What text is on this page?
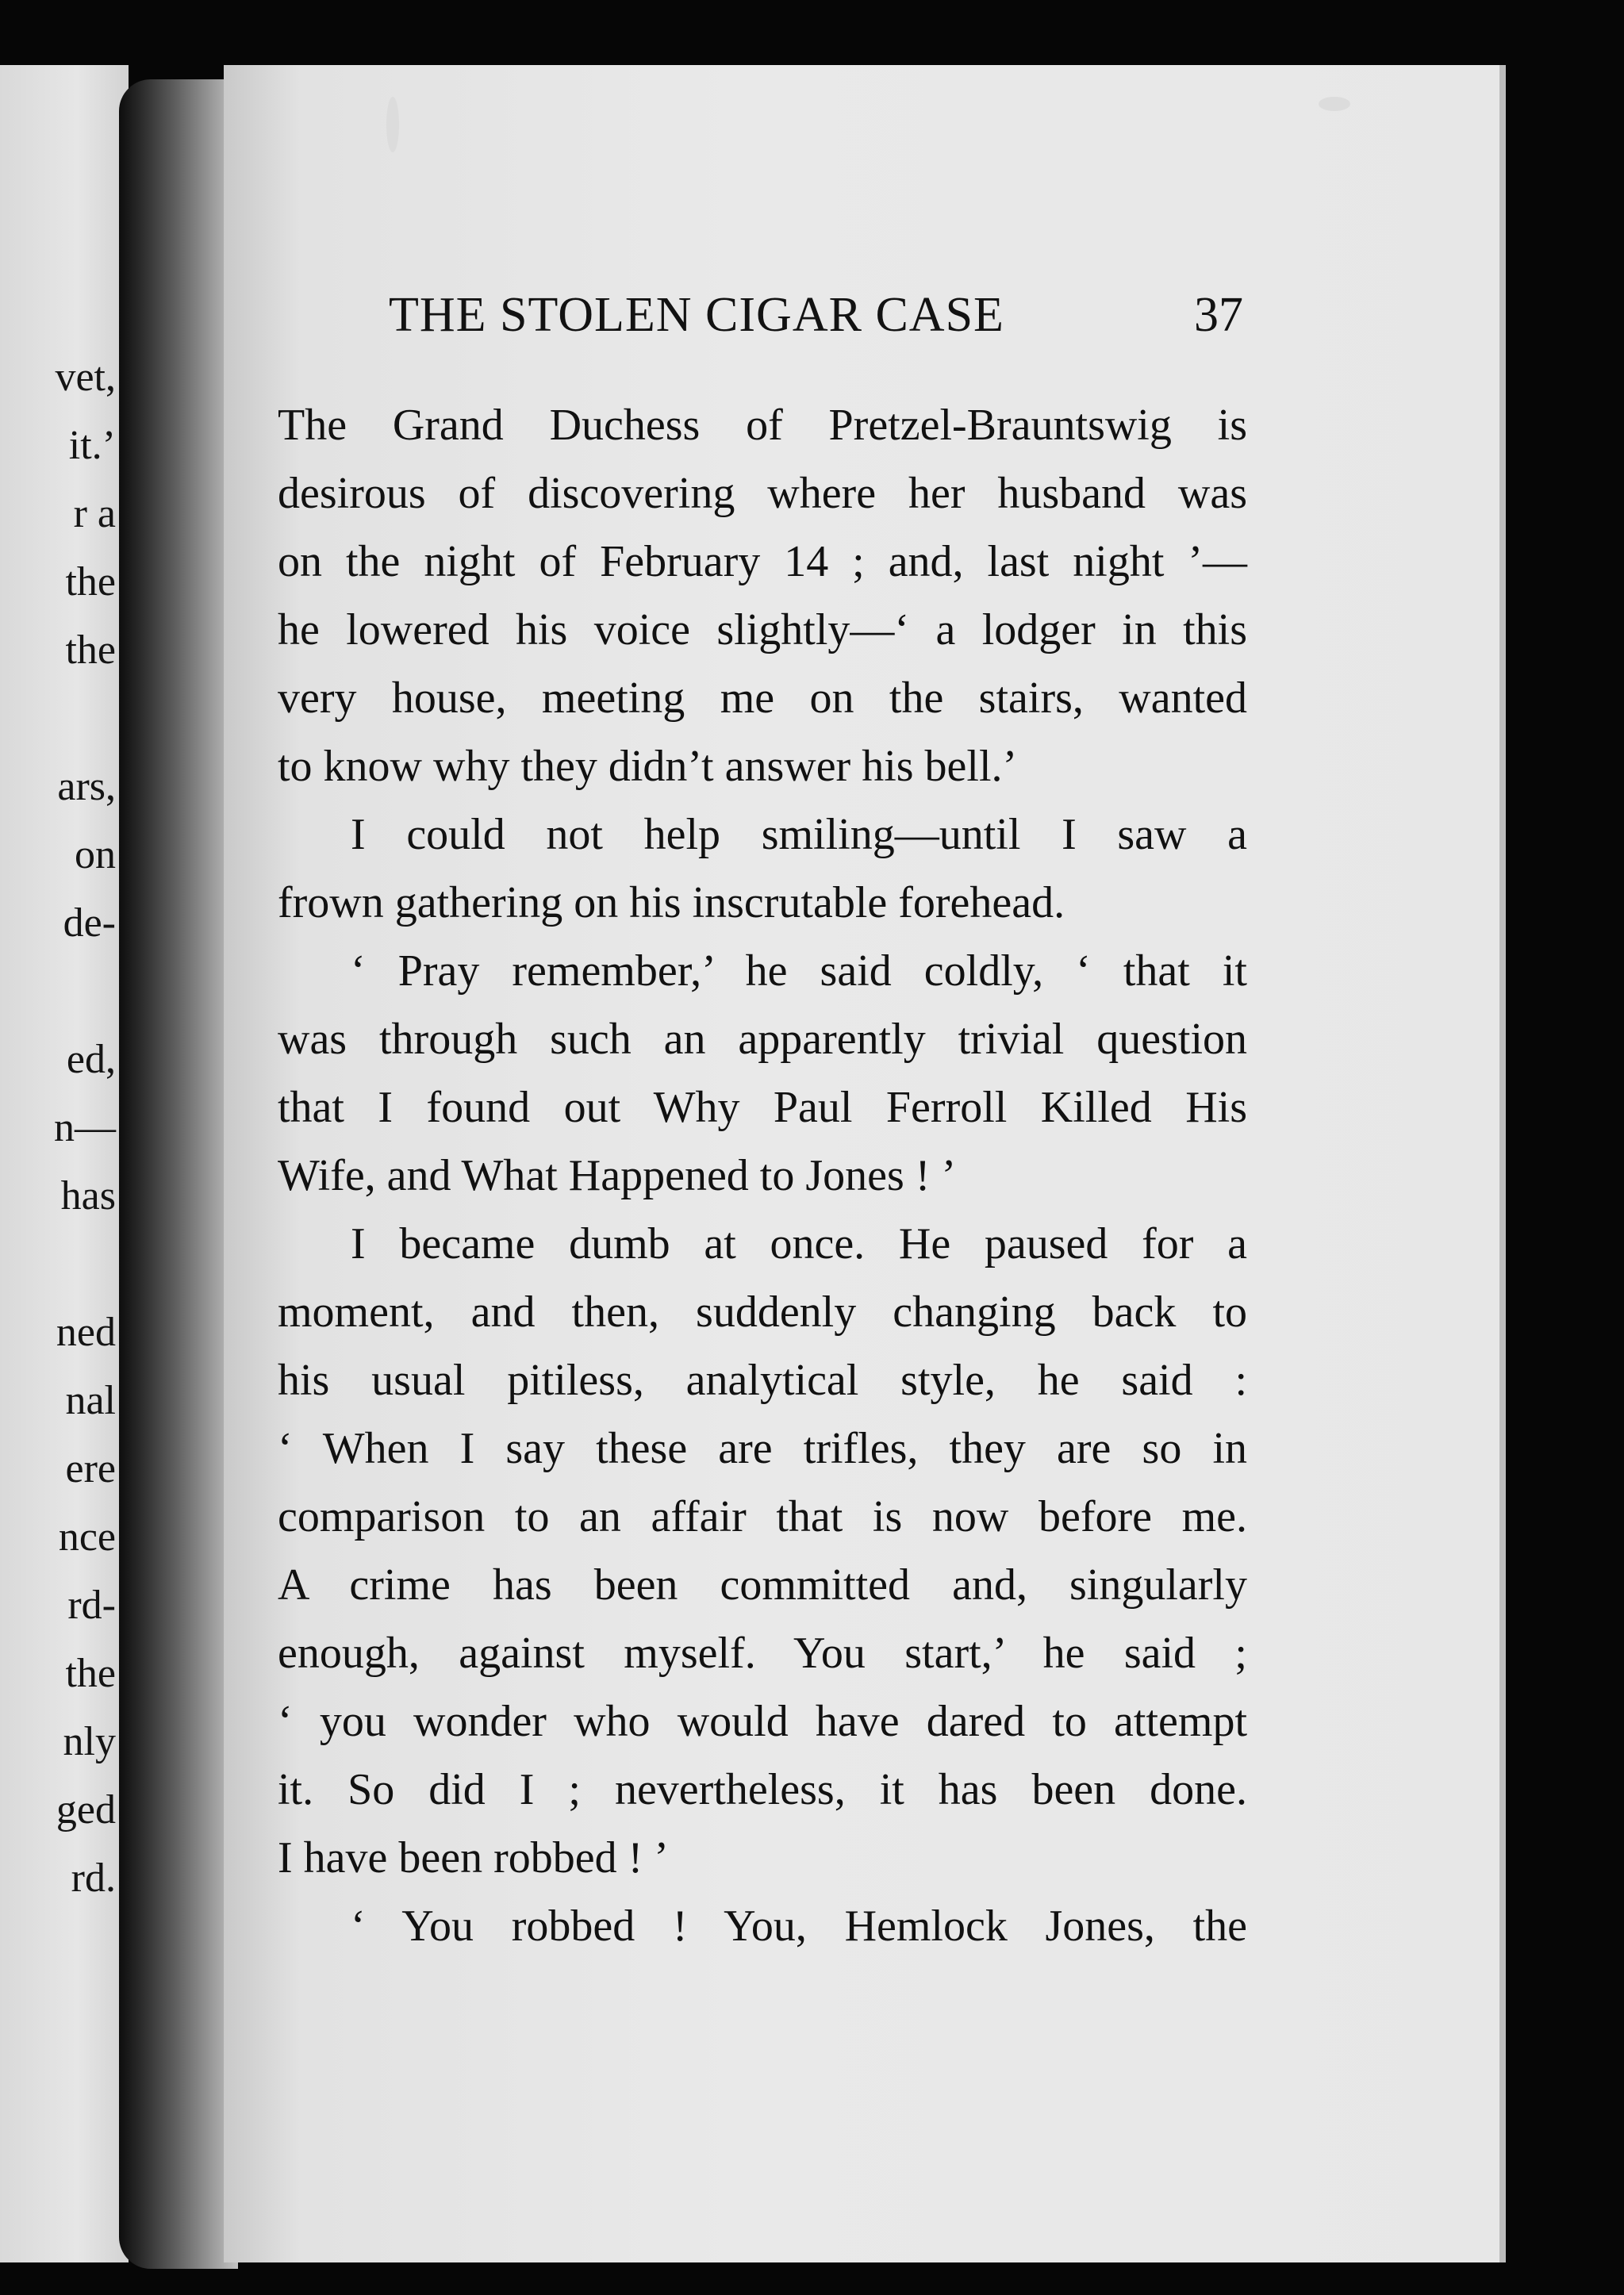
vet,
it.’
r a
the
the
ars,
on
de-
ed,
n—
has
ned
nal
ere
nce
rd-
the
nly
ged
rd.
THE STOLEN CIGAR CASE	37
The Grand Duchess of Pretzel-Brauntswig is
desirous of discovering where her husband was
on the night of February 14 ; and, last night ’—
he lowered his voice slightly—‘ a lodger in this
very house, meeting me on the stairs, wanted
to know why they didn’t answer his bell.’
I could not help smiling—until I saw a
frown gathering on his inscrutable forehead.
‘ Pray remember,’ he said coldly, ‘ that it
was through such an apparently trivial question
that I found out Why Paul Ferroll Killed His
Wife, and What Happened to Jones ! ’
I became dumb at once. He paused for a
moment, and then, suddenly changing back to
his usual pitiless, analytical style, he said :
‘ When I say these are trifles, they are so in
comparison to an affair that is now before me.
A crime has been committed and, singularly
enough, against myself. You start,’ he said ;
‘ you wonder who would have dared to attempt
it. So did I ; nevertheless, it has been done.
I have been robbed ! ’
‘ You robbed ! You, Hemlock Jones, the
